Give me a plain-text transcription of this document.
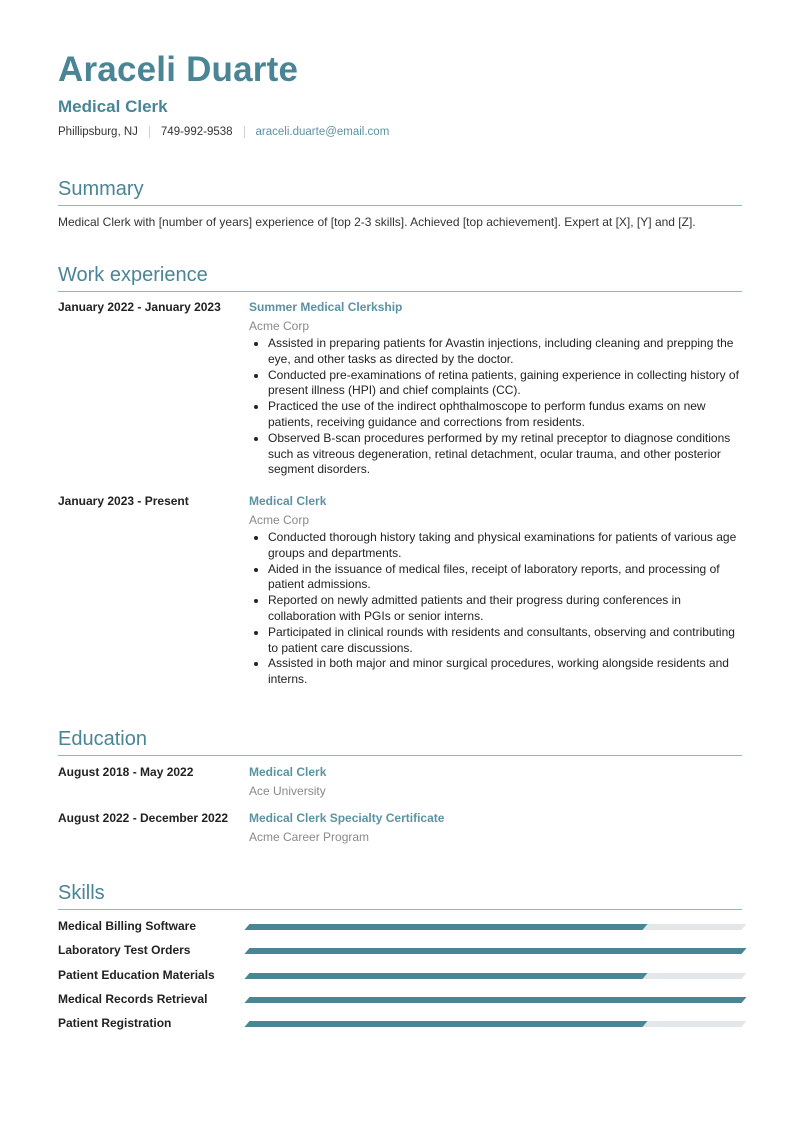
Araceli Duarte
Medical Clerk
Phillipsburg, NJ 749-992-9538 araceli.duarte@email.com
Summary
Medical Clerk with [number of years] experience of [top 2-3 skills]. Achieved [top achievement]. Expert at [X], [Y] and [Z].
Work experience
January 2022 - January 2023	Summer Medical Clerkship
Acme Corp
• Assisted in preparing patients for Avastin injections, including cleaning and prepping the eye, and other tasks as directed by the doctor.
• Conducted pre-examinations of retina patients, gaining experience in collecting history of present illness (HPI) and chief complaints (CC).
• Practiced the use of the indirect ophthalmoscope to perform fundus exams on new patients, receiving guidance and corrections from residents.
• Observed B-scan procedures performed by my retinal preceptor to diagnose conditions such as vitreous degeneration, retinal detachment, ocular trauma, and other posterior segment disorders.
January 2023 - Present	Medical Clerk
Acme Corp
• Conducted thorough history taking and physical examinations for patients of various age groups and departments.
• Aided in the issuance of medical files, receipt of laboratory reports, and processing of patient admissions.
• Reported on newly admitted patients and their progress during conferences in collaboration with PGIs or senior interns.
• Participated in clinical rounds with residents and consultants, observing and contributing to patient care discussions.
• Assisted in both major and minor surgical procedures, working alongside residents and interns.
Education
August 2018 - May 2022	Medical Clerk
Ace University
August 2022 - December 2022	Medical Clerk Specialty Certificate
Acme Career Program
Skills
Medical Billing Software
Laboratory Test Orders
Patient Education Materials
Medical Records Retrieval
Patient Registration
